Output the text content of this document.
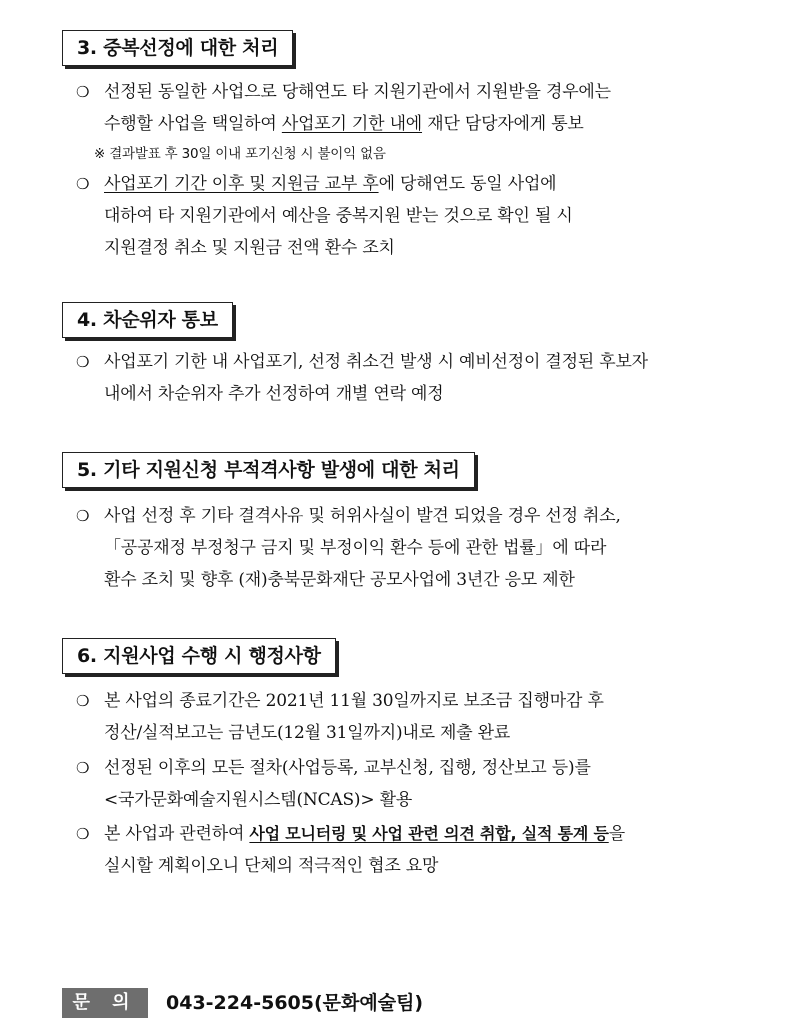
3. 중복선정에 대한 처리
❍ 선정된 동일한 사업으로 당해연도 타 지원기관에서 지원받을 경우에는
수행할 사업을 택일하여 사업포기 기한 내에 재단 담당자에게 통보
※ 결과발표 후 30일 이내 포기신청 시 불이익 없음
❍ 사업포기 기간 이후 및 지원금 교부 후에 당해연도 동일 사업에
대하여 타 지원기관에서 예산을 중복지원 받는 것으로 확인 될 시
지원결정 취소 및 지원금 전액 환수 조치
4. 차순위자 통보
❍ 사업포기 기한 내 사업포기, 선정 취소건 발생 시 예비선정이 결정된 후보자
내에서 차순위자 추가 선정하여 개별 연락 예정
5. 기타 지원신청 부적격사항 발생에 대한 처리
❍ 사업 선정 후 기타 결격사유 및 허위사실이 발견 되었을 경우 선정 취소,
「공공재정 부정청구 금지 및 부정이익 환수 등에 관한 법률」에 따라
환수 조치 및 향후 (재)충북문화재단 공모사업에 3년간 응모 제한
6. 지원사업 수행 시 행정사항
❍ 본 사업의 종료기간은 2021년 11월 30일까지로 보조금 집행마감 후
정산/실적보고는 금년도(12월 31일까지)내로 제출 완료
❍ 선정된 이후의 모든 절차(사업등록, 교부신청, 집행, 정산보고 등)를
<국가문화예술지원시스템(NCAS)> 활용
❍ 본 사업과 관련하여 사업 모니터링 및 사업 관련 의견 취합, 실적 통계 등을
실시할 계획이오니 단체의 적극적인 협조 요망
문 의	043-224-5605(문화예술팀)
